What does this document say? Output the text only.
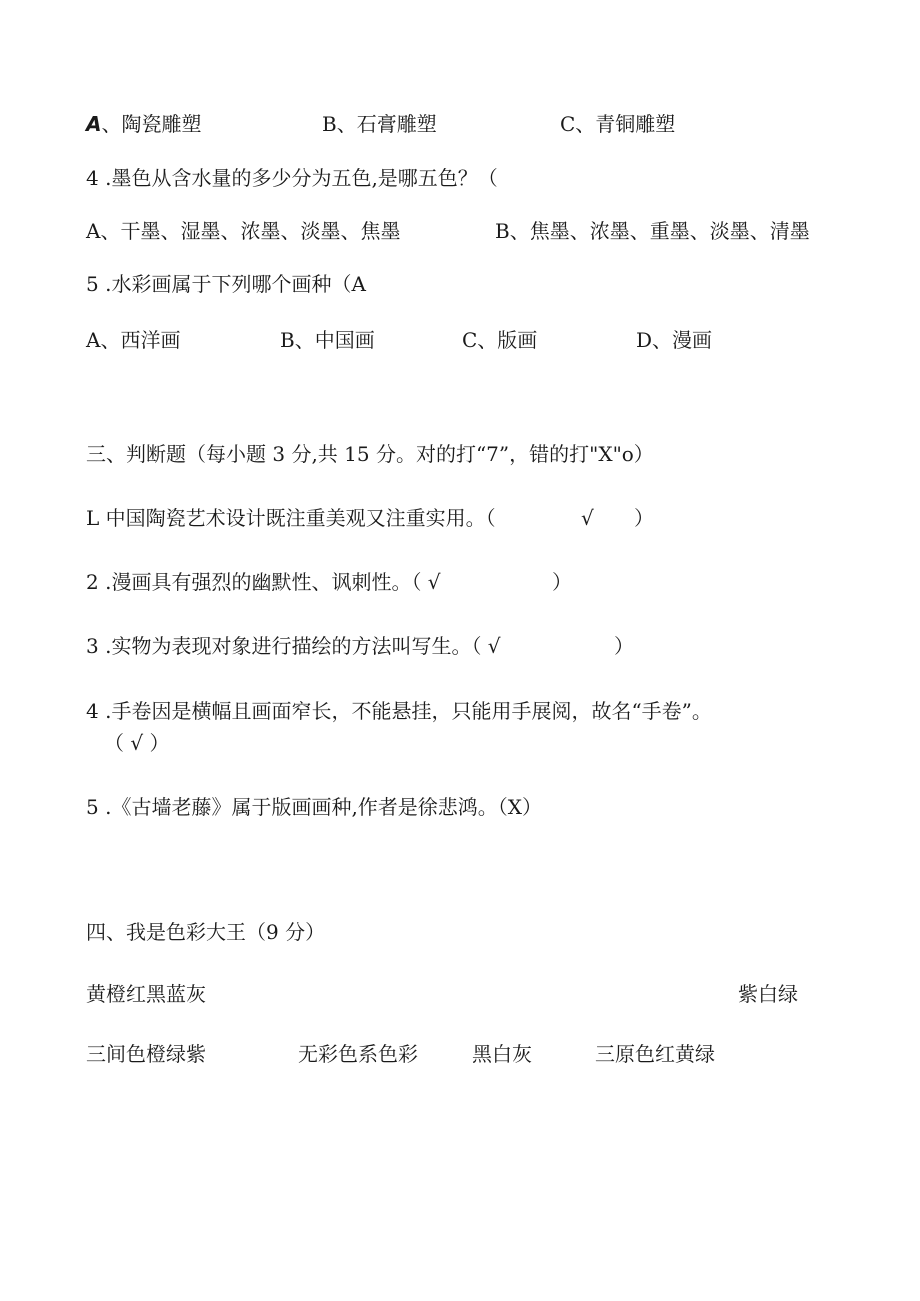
A、陶瓷雕塑	B、石膏雕塑	C、青铜雕塑
4 .墨色从含水量的多少分为五色,是哪五色？（
A、干墨、湿墨、浓墨、淡墨、焦墨	B、焦墨、浓墨、重墨、淡墨、清墨
5 .水彩画属于下列哪个画种（A
A、西洋画	B、中国画	C、版画	D、漫画
三、判断题（每小题 3 分,共 15 分。对的打“7”，错的打"X"o）
L 中国陶瓷艺术设计既注重美观又注重实用。（	√ ）
2 .漫画具有强烈的幽默性、讽刺性。（ √	）
3 .实物为表现对象进行描绘的方法叫写生。（ √	）
4 .手卷因是横幅且画面窄长，不能悬挂，只能用手展阅，故名“手卷”。
（ √ ）
5 .《古墙老藤》属于版画画种,作者是徐悲鸿。（X）
四、我是色彩大王（9 分）
黄橙红黑蓝灰	紫白绿
三间色橙绿紫	无彩色系色彩	黑白灰	三原色红黄绿
